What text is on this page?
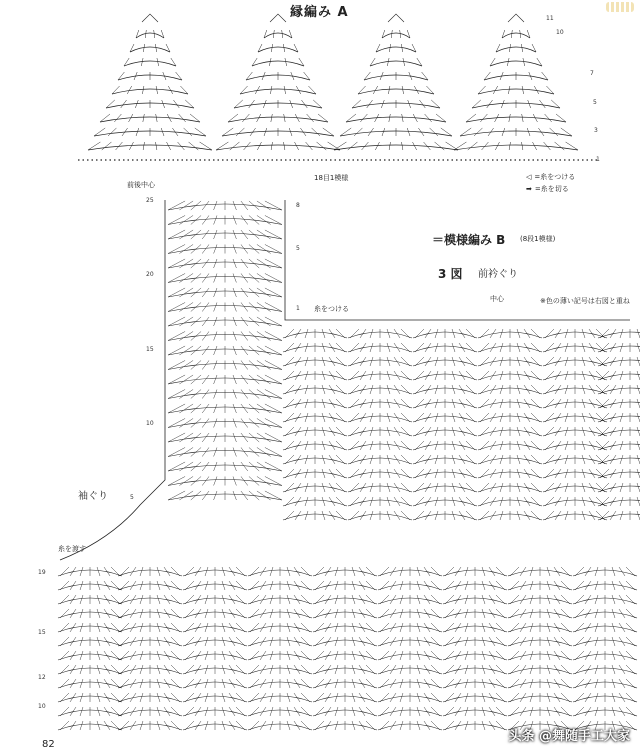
縁編み A
18目1模様
前後中心
◁ =糸をつける
➡ =糸を切る
＝模様編み B (8段1模様)
3 図 前衿ぐり
中心	※色の薄い記号は右図と重ね
糸をつける
袖ぐり
糸を渡す
82
头条 @舞随手工大家
11
10
7
5
3
1
25
20
15
10
5
8
5
1
19
15
12
10
